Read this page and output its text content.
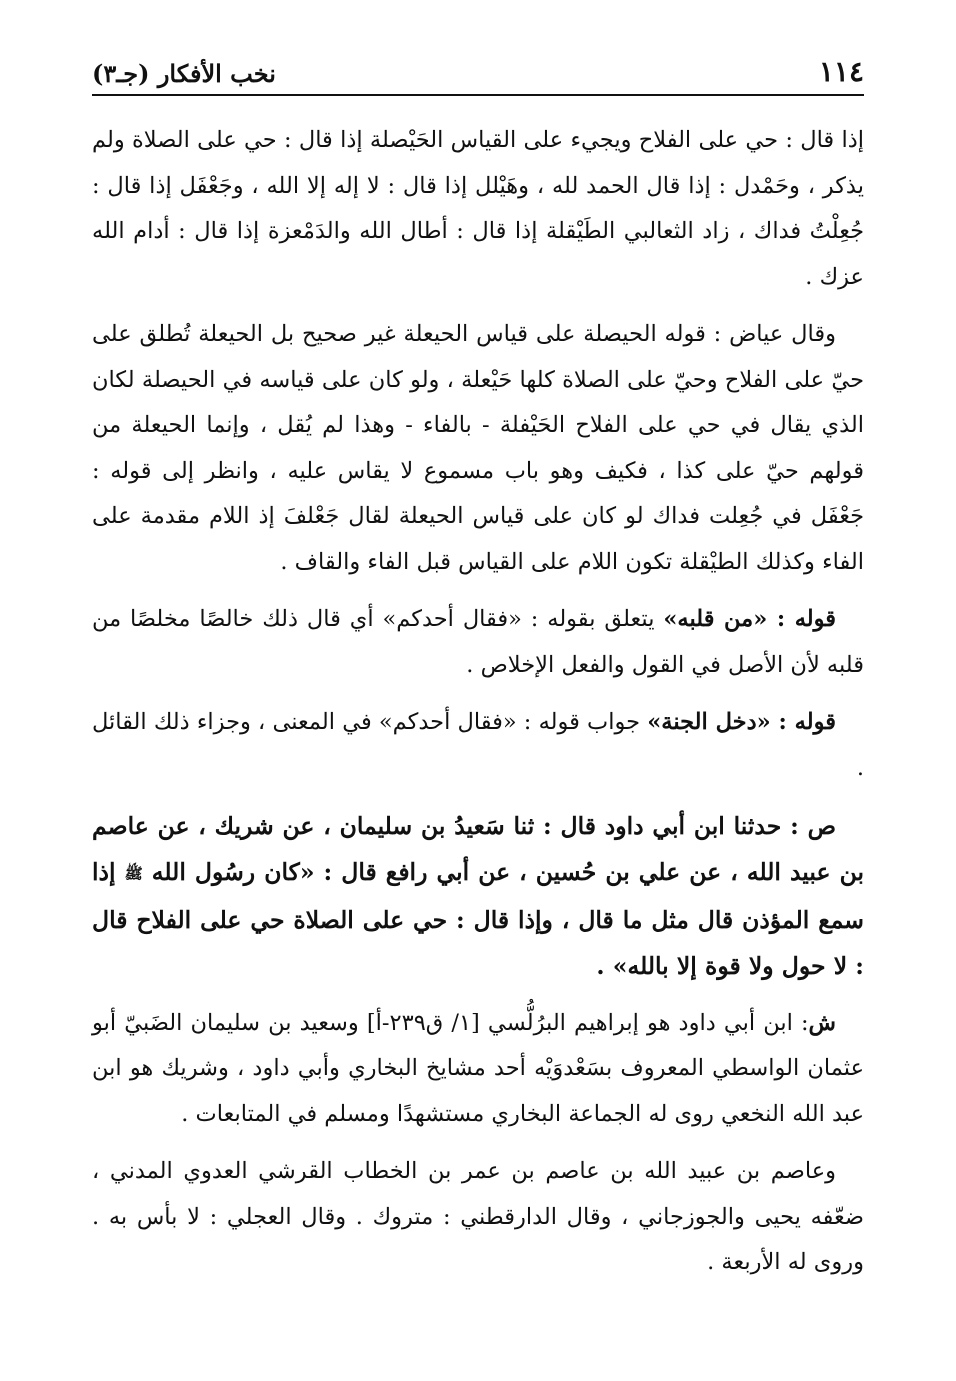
١١٤
نخب الأفكار (جـ٣)

إذا قال : حي على الفلاح ويجيء على القياس الحَيْصلة إذا قال : حي على الصلاة ولم يذكر ، وحَمْدل : إذا قال الحمد لله ، وهَيْلل إذا قال : لا إله إلا الله ، وجَعْفَل إذا قال : جُعِلْتُ فداك ، زاد الثعالبي الطَيْقلة إذا قال : أطال الله والدَمْعزة إذا قال : أدام الله عزك .

وقال عياض : قوله الحيصلة على قياس الحيعلة غير صحيح بل الحيعلة تُطلق على حيّ على الفلاح وحيّ على الصلاة كلها حَيْعلة ، ولو كان على قياسه في الحيصلة لكان الذي يقال في حي على الفلاح الحَيْفلة - بالفاء - وهذا لم يُقل ، وإنما الحيعلة من قولهم حيّ على كذا ، فكيف وهو باب مسموع لا يقاس عليه ، وانظر إلى قوله : جَعْفَل في جُعِلت فداك لو كان على قياس الحيعلة لقال جَعْلفَ إذ اللام مقدمة على الفاء وكذلك الطيْقلة تكون اللام على القياس قبل الفاء والقاف .

قوله : «من قلبه» يتعلق بقوله : «فقال أحدكم» أي قال ذلك خالصًا مخلصًا من قلبه لأن الأصل في القول والفعل الإخلاص .

قوله : «دخل الجنة» جواب قوله : «فقال أحدكم» في المعنى ، وجزاء ذلك القائل .

ص : حدثنا ابن أبي داود قال : ثنا سَعيدُ بن سليمان ، عن شريك ، عن عاصم بن عبيد الله ، عن علي بن حُسين ، عن أبي رافع قال : «كان رسُول الله ﷺ إذا سمع المؤذن قال مثل ما قال ، وإذا قال : حي على الصلاة حي على الفلاح قال : لا حول ولا قوة إلا بالله» .

ش: ابن أبي داود هو إبراهيم البرُلُّسي [١/ ق٢٣٩-أ] وسعيد بن سليمان الضَبيّ أبو عثمان الواسطي المعروف بسَعْدوَيْه أحد مشايخ البخاري وأبي داود ، وشريك هو ابن عبد الله النخعي روى له الجماعة البخاري مستشهدًا ومسلم في المتابعات .

وعاصم بن عبيد الله بن عاصم بن عمر بن الخطاب القرشي العدوي المدني ، ضعّفه يحيى والجوزجاني ، وقال الدارقطني : متروك . وقال العجلي : لا بأس به . وروى له الأربعة .
